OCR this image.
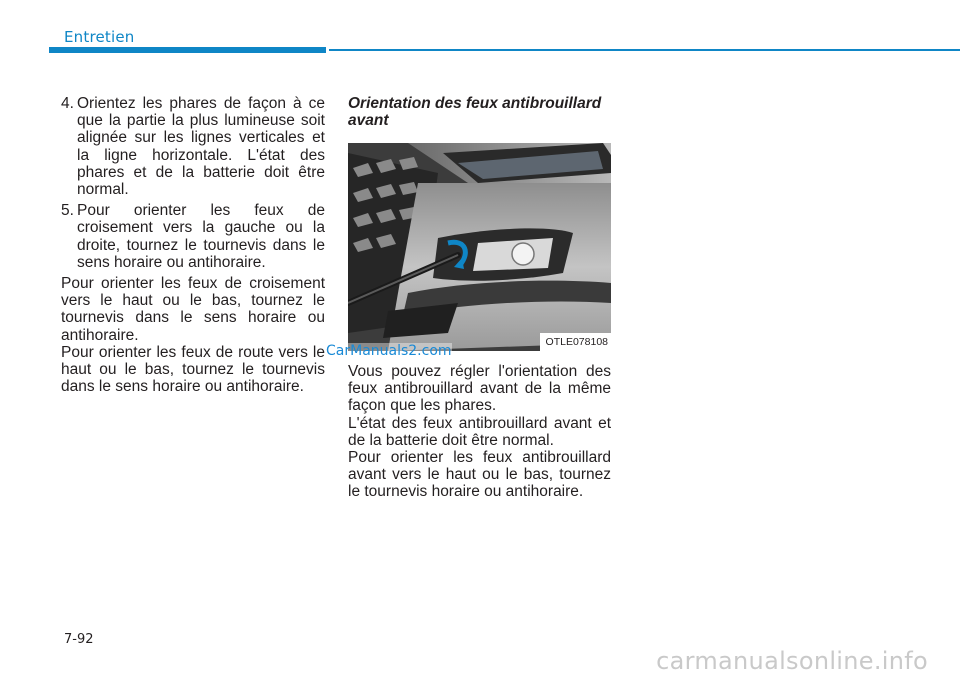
Entretien
4. Orientez les phares de façon à ce que la partie la plus lumineuse soit alignée sur les lignes verticales et la ligne horizontale. L'état des phares et de la batterie doit être normal.
5. Pour orienter les feux de croisement vers la gauche ou la droite, tournez le tournevis dans le sens horaire ou antihoraire.

Pour orienter les feux de croisement vers le haut ou le bas, tournez le tournevis dans le sens horaire ou antihoraire.

Pour orienter les feux de route vers le haut ou le bas, tournez le tournevis dans le sens horaire ou antihoraire.

Orientation des feux antibrouillard avant
OTLE078108

Vous pouvez régler l'orientation des feux antibrouillard avant de la même façon que les phares.

L'état des feux antibrouillard avant et de la batterie doit être normal.

Pour orienter les feux antibrouillard avant vers le haut ou le bas, tournez le tournevis horaire ou antihoraire.

CarManuals2.com
7-92
carmanualsonline.info
